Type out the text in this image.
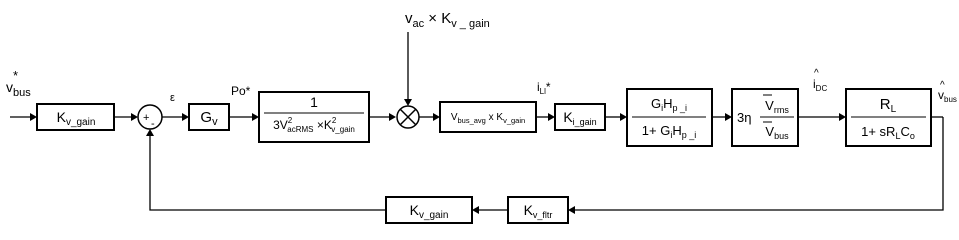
$v_{ac} \times K_{v \_ gain}$
$v_{bus}$
*
$K_{v\_gain}$	+ -
ε
$G_v$
Po*
1
$3V^2$ acRMS $\times K^2$ v_gain
$V_{bus\_avg}$ x $K_{v\_gain}$
$i_{Ll}*$
$K_{i\_gain}$
$G_iH_{p \_i}$
$1+ G_iH_{p \_i}$
3η
$V_{rms}$
$V_{bus}$
^
$i_{DC}$
$R_L$
$1+ sR_LC_o$
^
$v_{bus}$
$K_{v\_fltr}$
$K_{v\_gain}$
